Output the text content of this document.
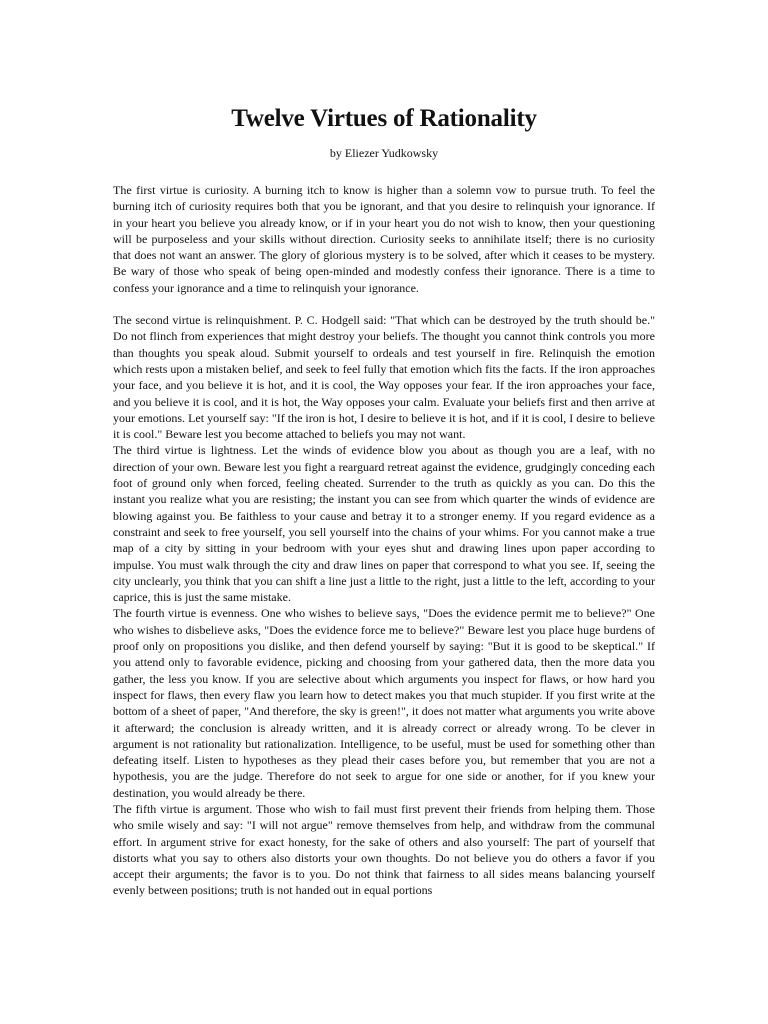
Twelve Virtues of Rationality
by Eliezer Yudkowsky

The first virtue is curiosity. A burning itch to know is higher than a solemn vow to pursue truth. To feel the burning itch of curiosity requires both that you be ignorant, and that you desire to relinquish your ignorance. If in your heart you believe you already know, or if in your heart you do not wish to know, then your questioning will be purposeless and your skills without direction. Curiosity seeks to annihilate itself; there is no curiosity that does not want an answer. The glory of glorious mystery is to be solved, after which it ceases to be mystery. Be wary of those who speak of being open-minded and modestly confess their ignorance. There is a time to confess your ignorance and a time to relinquish your ignorance.

The second virtue is relinquishment. P. C. Hodgell said: "That which can be destroyed by the truth should be." Do not flinch from experiences that might destroy your beliefs. The thought you cannot think controls you more than thoughts you speak aloud. Submit yourself to ordeals and test yourself in fire. Relinquish the emotion which rests upon a mistaken belief, and seek to feel fully that emotion which fits the facts. If the iron approaches your face, and you believe it is hot, and it is cool, the Way opposes your fear. If the iron approaches your face, and you believe it is cool, and it is hot, the Way opposes your calm. Evaluate your beliefs first and then arrive at your emotions. Let yourself say: "If the iron is hot, I desire to believe it is hot, and if it is cool, I desire to believe it is cool." Beware lest you become attached to beliefs you may not want.

The third virtue is lightness. Let the winds of evidence blow you about as though you are a leaf, with no direction of your own. Beware lest you fight a rearguard retreat against the evidence, grudgingly conceding each foot of ground only when forced, feeling cheated. Surrender to the truth as quickly as you can. Do this the instant you realize what you are resisting; the instant you can see from which quarter the winds of evidence are blowing against you. Be faithless to your cause and betray it to a stronger enemy. If you regard evidence as a constraint and seek to free yourself, you sell yourself into the chains of your whims. For you cannot make a true map of a city by sitting in your bedroom with your eyes shut and drawing lines upon paper according to impulse. You must walk through the city and draw lines on paper that correspond to what you see. If, seeing the city unclearly, you think that you can shift a line just a little to the right, just a little to the left, according to your caprice, this is just the same mistake.

The fourth virtue is evenness. One who wishes to believe says, "Does the evidence permit me to believe?" One who wishes to disbelieve asks, "Does the evidence force me to believe?" Beware lest you place huge burdens of proof only on propositions you dislike, and then defend yourself by saying: "But it is good to be skeptical." If you attend only to favorable evidence, picking and choosing from your gathered data, then the more data you gather, the less you know. If you are selective about which arguments you inspect for flaws, or how hard you inspect for flaws, then every flaw you learn how to detect makes you that much stupider. If you first write at the bottom of a sheet of paper, "And therefore, the sky is green!", it does not matter what arguments you write above it afterward; the conclusion is already written, and it is already correct or already wrong. To be clever in argument is not rationality but rationalization. Intelligence, to be useful, must be used for something other than defeating itself. Listen to hypotheses as they plead their cases before you, but remember that you are not a hypothesis, you are the judge. Therefore do not seek to argue for one side or another, for if you knew your destination, you would already be there.

The fifth virtue is argument. Those who wish to fail must first prevent their friends from helping them. Those who smile wisely and say: "I will not argue" remove themselves from help, and withdraw from the communal effort. In argument strive for exact honesty, for the sake of others and also yourself: The part of yourself that distorts what you say to others also distorts your own thoughts. Do not believe you do others a favor if you accept their arguments; the favor is to you. Do not think that fairness to all sides means balancing yourself evenly between positions; truth is not handed out in equal portions
